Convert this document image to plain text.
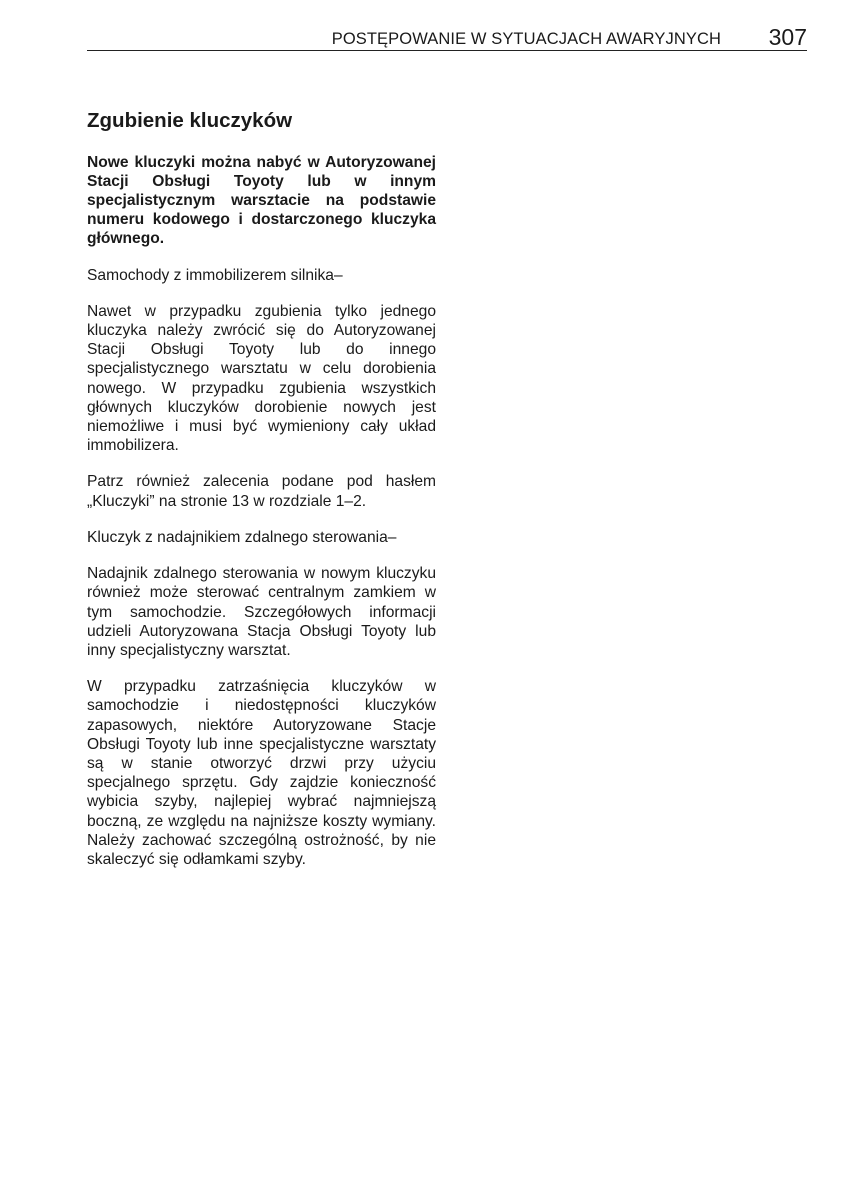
POSTĘPOWANIE W SYTUACJACH AWARYJNYCH 307
Zgubienie kluczyków

Nowe kluczyki można nabyć w Autoryzowanej Stacji Obsługi Toyoty lub w innym specjalistycznym warsztacie na podstawie numeru kodowego i dostarczonego kluczyka głównego.

Samochody z immobilizerem silnika–

Nawet w przypadku zgubienia tylko jednego kluczyka należy zwrócić się do Autoryzowanej Stacji Obsługi Toyoty lub do innego specjalistycznego warsztatu w celu dorobienia nowego. W przypadku zgubienia wszystkich głównych kluczyków dorobienie nowych jest niemożliwe i musi być wymieniony cały układ immobilizera.

Patrz również zalecenia podane pod hasłem „Kluczyki” na stronie 13 w rozdziale 1–2.

Kluczyk z nadajnikiem zdalnego sterowania–

Nadajnik zdalnego sterowania w nowym kluczyku również może sterować centralnym zamkiem w tym samochodzie. Szczegółowych informacji udzieli Autoryzowana Stacja Obsługi Toyoty lub inny specjalistyczny warsztat.

W przypadku zatrzaśnięcia kluczyków w samochodzie i niedostępności kluczyków zapasowych, niektóre Autoryzowane Stacje Obsługi Toyoty lub inne specjalistyczne warsztaty są w stanie otworzyć drzwi przy użyciu specjalnego sprzętu. Gdy zajdzie konieczność wybicia szyby, najlepiej wybrać najmniejszą boczną, ze względu na najniższe koszty wymiany. Należy zachować szczególną ostrożność, by nie skaleczyć się odłamkami szyby.
